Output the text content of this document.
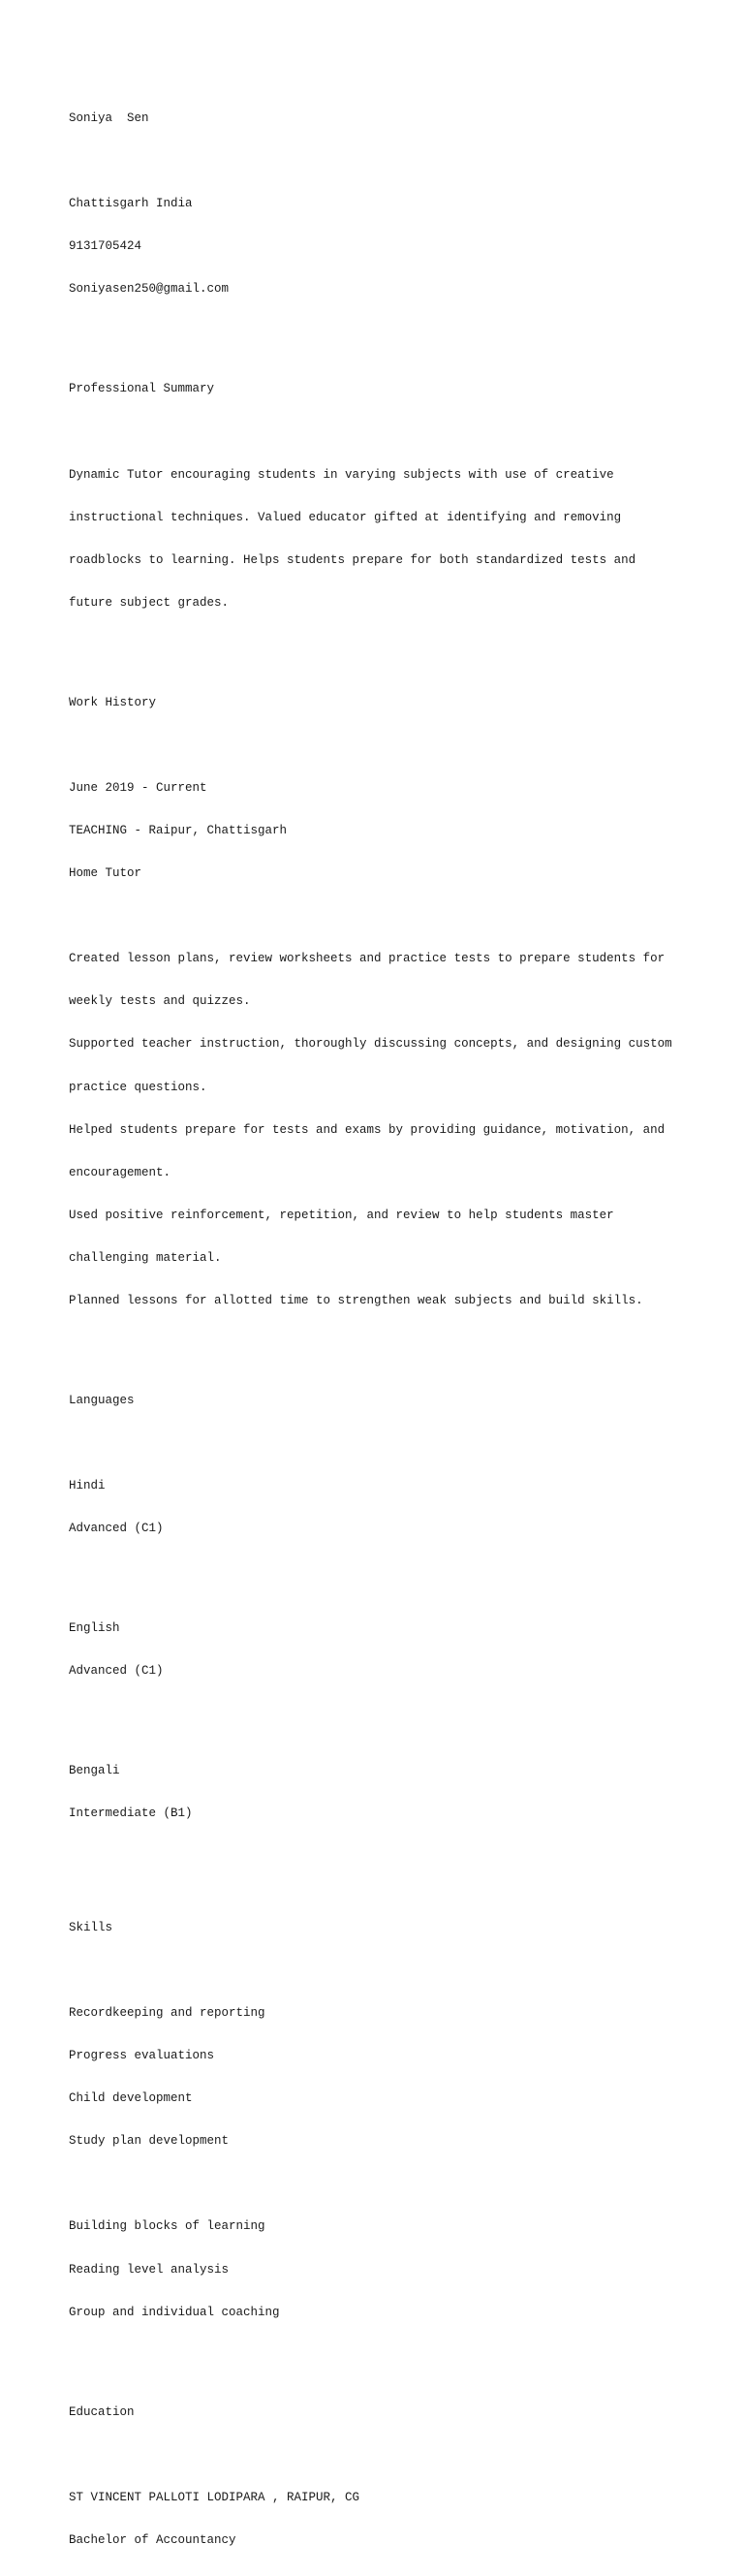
Soniya  Sen

Chattisgarh India

9131705424

Soniyasen250@gmail.com

Professional Summary

Dynamic Tutor encouraging students in varying subjects with use of creative

instructional techniques. Valued educator gifted at identifying and removing

roadblocks to learning. Helps students prepare for both standardized tests and

future subject grades.

Work History

June 2019 - Current

TEACHING - Raipur, Chattisgarh

Home Tutor

Created lesson plans, review worksheets and practice tests to prepare students for

weekly tests and quizzes.

Supported teacher instruction, thoroughly discussing concepts, and designing custom

practice questions.

Helped students prepare for tests and exams by providing guidance, motivation, and

encouragement.

Used positive reinforcement, repetition, and review to help students master

challenging material.

Planned lessons for allotted time to strengthen weak subjects and build skills.

Languages

Hindi

Advanced (C1)

English

Advanced (C1)

Bengali

Intermediate (B1)

Skills

Recordkeeping and reporting

Progress evaluations

Child development

Study plan development

Building blocks of learning

Reading level analysis

Group and individual coaching

Education

ST VINCENT PALLOTI LODIPARA , RAIPUR, CG

Bachelor of Accountancy
